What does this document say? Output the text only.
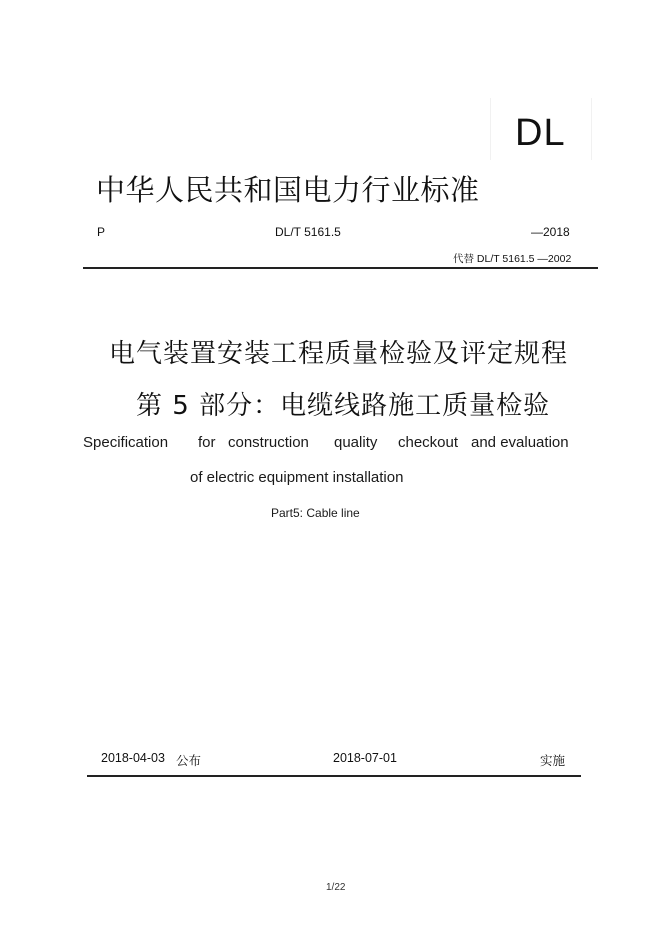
DL
中华人民共和国电力行业标准
P	DL/T 5161.5	—2018
代替 DL/T 5161.5 —2002
电气装置安装工程质量检验及评定规程
第 5 部分：电缆线路施工质量检验
Specification for construction quality checkout and evaluation
of electric equipment installation
Part5: Cable line
2018-04-03 公布	2018-07-01	实施
1/22
